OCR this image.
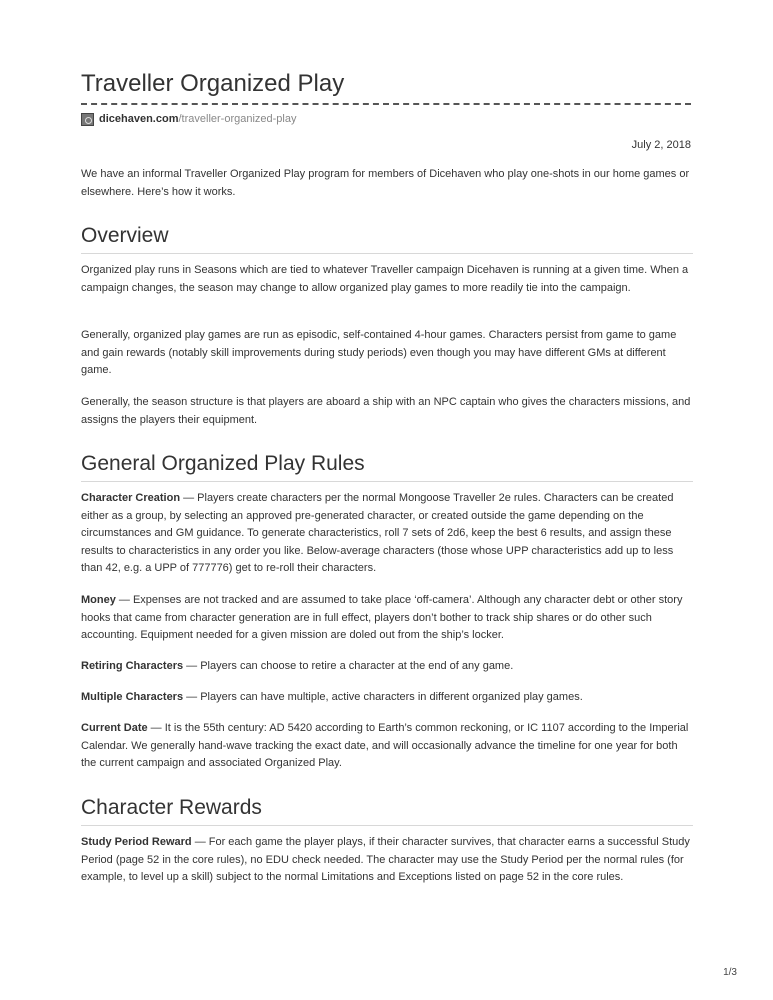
Traveller Organized Play
dicehaven.com /traveller-organized-play
July 2, 2018

We have an informal Traveller Organized Play program for members of Dicehaven who play one-shots in our home games or elsewhere. Here’s how it works.

Overview

Organized play runs in Seasons which are tied to whatever Traveller campaign Dicehaven is running at a given time. When a campaign changes, the season may change to allow organized play games to more readily tie into the campaign.

Generally, organized play games are run as episodic, self-contained 4-hour games. Characters persist from game to game and gain rewards (notably skill improvements during study periods) even though you may have different GMs at different game.

Generally, the season structure is that players are aboard a ship with an NPC captain who gives the characters missions, and assigns the players their equipment.

General Organized Play Rules

Character Creation — Players create characters per the normal Mongoose Traveller 2e rules. Characters can be created either as a group, by selecting an approved pre-generated character, or created outside the game depending on the circumstances and GM guidance. To generate characteristics, roll 7 sets of 2d6, keep the best 6 results, and assign these results to characteristics in any order you like. Below-average characters (those whose UPP characteristics add up to less than 42, e.g. a UPP of 777776) get to re-roll their characters.

Money — Expenses are not tracked and are assumed to take place ‘off-camera’. Although any character debt or other story hooks that came from character generation are in full effect, players don’t bother to track ship shares or do other such accounting. Equipment needed for a given mission are doled out from the ship’s locker.

Retiring Characters — Players can choose to retire a character at the end of any game.

Multiple Characters — Players can have multiple, active characters in different organized play games.

Current Date — It is the 55th century: AD 5420 according to Earth’s common reckoning, or IC 1107 according to the Imperial Calendar. We generally hand-wave tracking the exact date, and will occasionally advance the timeline for one year for both the current campaign and associated Organized Play.

Character Rewards

Study Period Reward — For each game the player plays, if their character survives, that character earns a successful Study Period (page 52 in the core rules), no EDU check needed. The character may use the Study Period per the normal rules (for example, to level up a skill) subject to the normal Limitations and Exceptions listed on page 52 in the core rules.

1/3
